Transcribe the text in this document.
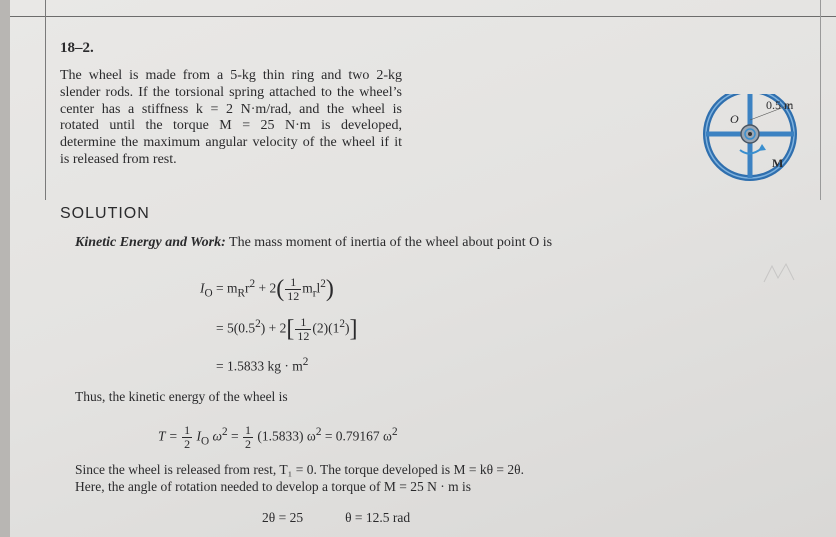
18–2.
The wheel is made from a 5-kg thin ring and two 2-kg
slender rods. If the torsional spring attached to the wheel’s
center has a stiffness k = 2 N·m/rad, and the wheel is
rotated until the torque M = 25 N·m is developed,
determine the maximum angular velocity of the wheel if it
is released from rest.
0.5 m
O
M
SOLUTION
Kinetic Energy and Work: The mass moment of inertia of the wheel about point O is
$I_O = m_Rr^2 + 2( \frac{1}{12} m_rl^2)$
= $5(0.5^2) + 2[ \frac{1}{12} (2)(1^2)]$
= 1.5833 kg · $m^2$
Thus, the kinetic energy of the wheel is
$T = \frac{1}{2} I_O$ $\omega^2 = \frac{1}{2} (1.5833) \omega^2 = 0.79167$ $\omega^2$
Since the wheel is released from rest, T₁ = 0. The torque developed is M = kθ = 2θ.
Here, the angle of rotation needed to develop a torque of M = 25 N · m is
2θ = 25	θ = 12.5 rad
